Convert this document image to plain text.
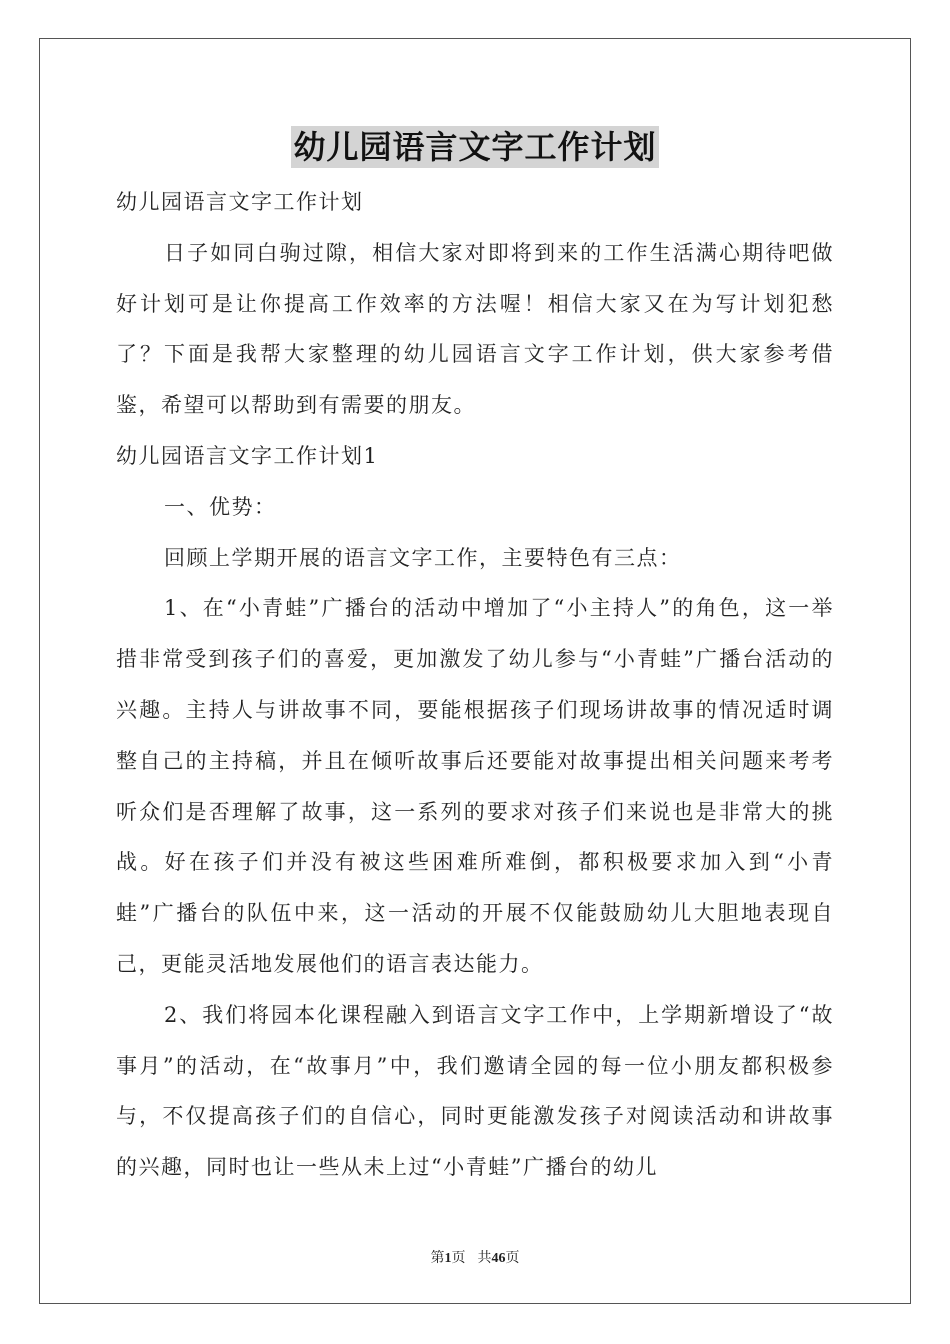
幼儿园语言文字工作计划

幼儿园语言文字工作计划

日子如同白驹过隙，相信大家对即将到来的工作生活满心期待吧做好计划可是让你提高工作效率的方法喔！相信大家又在为写计划犯愁了？下面是我帮大家整理的幼儿园语言文字工作计划，供大家参考借鉴，希望可以帮助到有需要的朋友。

幼儿园语言文字工作计划1

一、优势：

回顾上学期开展的语言文字工作，主要特色有三点：

1、在“小青蛙”广播台的活动中增加了“小主持人”的角色，这一举措非常受到孩子们的喜爱，更加激发了幼儿参与“小青蛙”广播台活动的兴趣。主持人与讲故事不同，要能根据孩子们现场讲故事的情况适时调整自己的主持稿，并且在倾听故事后还要能对故事提出相关问题来考考听众们是否理解了故事，这一系列的要求对孩子们来说也是非常大的挑战。好在孩子们并没有被这些困难所难倒，都积极要求加入到“小青蛙”广播台的队伍中来，这一活动的开展不仅能鼓励幼儿大胆地表现自己，更能灵活地发展他们的语言表达能力。

2、我们将园本化课程融入到语言文字工作中，上学期新增设了“故事月”的活动，在“故事月”中，我们邀请全园的每一位小朋友都积极参与，不仅提高孩子们的自信心，同时更能激发孩子对阅读活动和讲故事的兴趣，同时也让一些从未上过“小青蛙”广播台的幼儿

第1页 共46页
